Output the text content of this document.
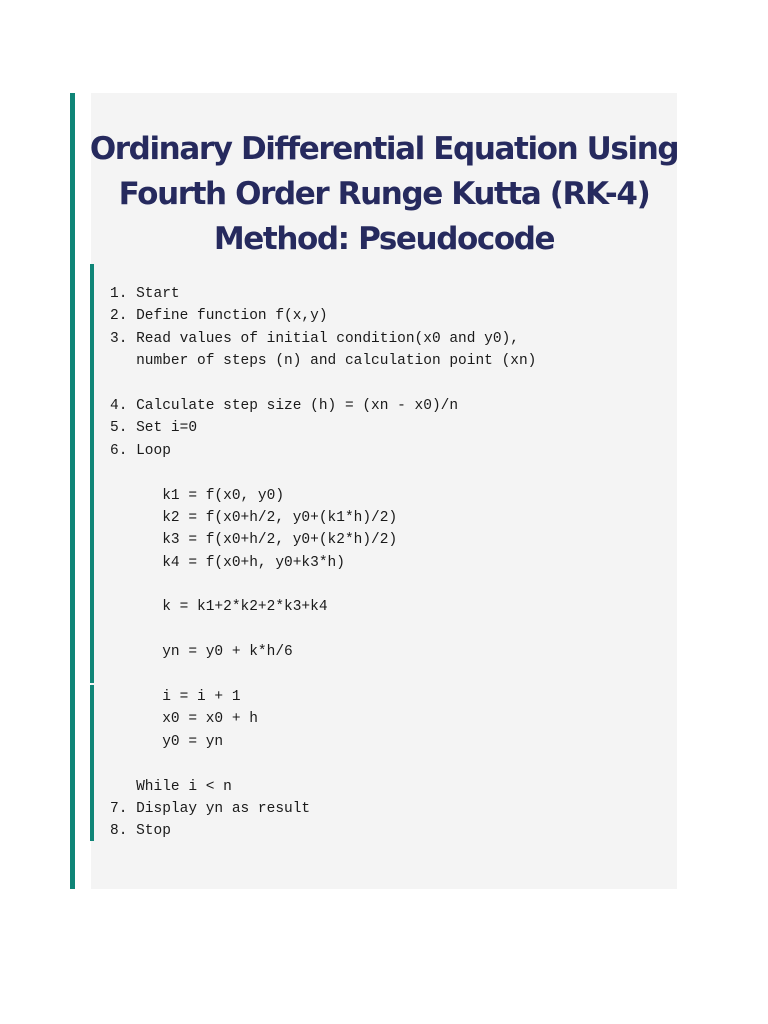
Ordinary Differential Equation Using
Fourth Order Runge Kutta (RK-4)
Method: Pseudocode
1. Start
2. Define function f(x,y)
3. Read values of initial condition(x0 and y0),
number of steps (n) and calculation point (xn)
4. Calculate step size (h) = (xn - x0)/n
5. Set i=0
6. Loop
k1 = f(x0, y0)
k2 = f(x0+h/2, y0+(k1*h)/2)
k3 = f(x0+h/2, y0+(k2*h)/2)
k4 = f(x0+h, y0+k3*h)
k = k1+2*k2+2*k3+k4
yn = y0 + k*h/6
i = i + 1
x0 = x0 + h
y0 = yn
While i < n
7. Display yn as result
8. Stop
